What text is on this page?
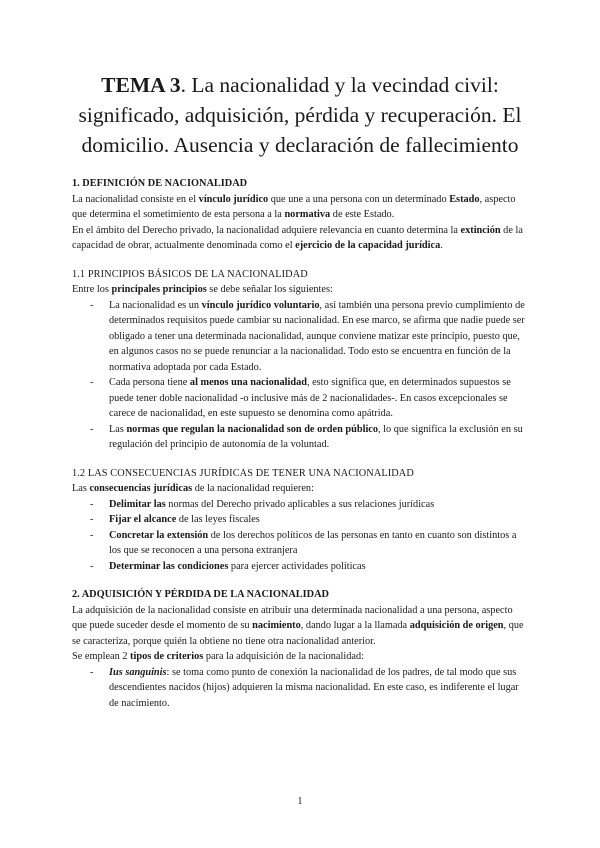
TEMA 3. La nacionalidad y la vecindad civil: significado, adquisición, pérdida y recuperación. El domicilio. Ausencia y declaración de fallecimiento

1. DEFINICIÓN DE NACIONALIDAD

La nacionalidad consiste en el vínculo jurídico que une a una persona con un determinado Estado, aspecto que determina el sometimiento de esta persona a la normativa de este Estado.

En el ámbito del Derecho privado, la nacionalidad adquiere relevancia en cuanto determina la extinción de la capacidad de obrar, actualmente denominada como el ejercicio de la capacidad jurídica.

1.1 PRINCIPIOS BÁSICOS DE LA NACIONALIDAD

Entre los principales principios se debe señalar los siguientes:

- La nacionalidad es un vínculo jurídico voluntario, así también una persona previo cumplimiento de determinados requisitos puede cambiar su nacionalidad. En ese marco, se afirma que nadie puede ser obligado a tener una determinada nacionalidad, aunque conviene matizar este principio, puesto que, en algunos casos no se puede renunciar a la nacionalidad. Todo esto se encuentra en función de la normativa adoptada por cada Estado.
- Cada persona tiene al menos una nacionalidad, esto significa que, en determinados supuestos se puede tener doble nacionalidad -o inclusive más de 2 nacionalidades-. En casos excepcionales se carece de nacionalidad, en este supuesto se denomina como apátrida.
- Las normas que regulan la nacionalidad son de orden público, lo que significa la exclusión en su regulación del principio de autonomía de la voluntad.

1.2 LAS CONSECUENCIAS JURÍDICAS DE TENER UNA NACIONALIDAD

Las consecuencias jurídicas de la nacionalidad requieren:

- Delimitar las normas del Derecho privado aplicables a sus relaciones jurídicas
- Fijar el alcance de las leyes fiscales
- Concretar la extensión de los derechos políticos de las personas en tanto en cuanto son distintos a los que se reconocen a una persona extranjera
- Determinar las condiciones para ejercer actividades políticas

2. ADQUISICIÓN Y PÉRDIDA DE LA NACIONALIDAD

La adquisición de la nacionalidad consiste en atribuir una determinada nacionalidad a una persona, aspecto que puede suceder desde el momento de su nacimiento, dando lugar a la llamada adquisición de origen, que se caracteriza, porque quién la obtiene no tiene otra nacionalidad anterior.

Se emplean 2 tipos de criterios para la adquisición de la nacionalidad:

- Ius sanguinis: se toma como punto de conexión la nacionalidad de los padres, de tal modo que sus descendientes nacidos (hijos) adquieren la misma nacionalidad. En este caso, es indiferente el lugar de nacimiento.
1
